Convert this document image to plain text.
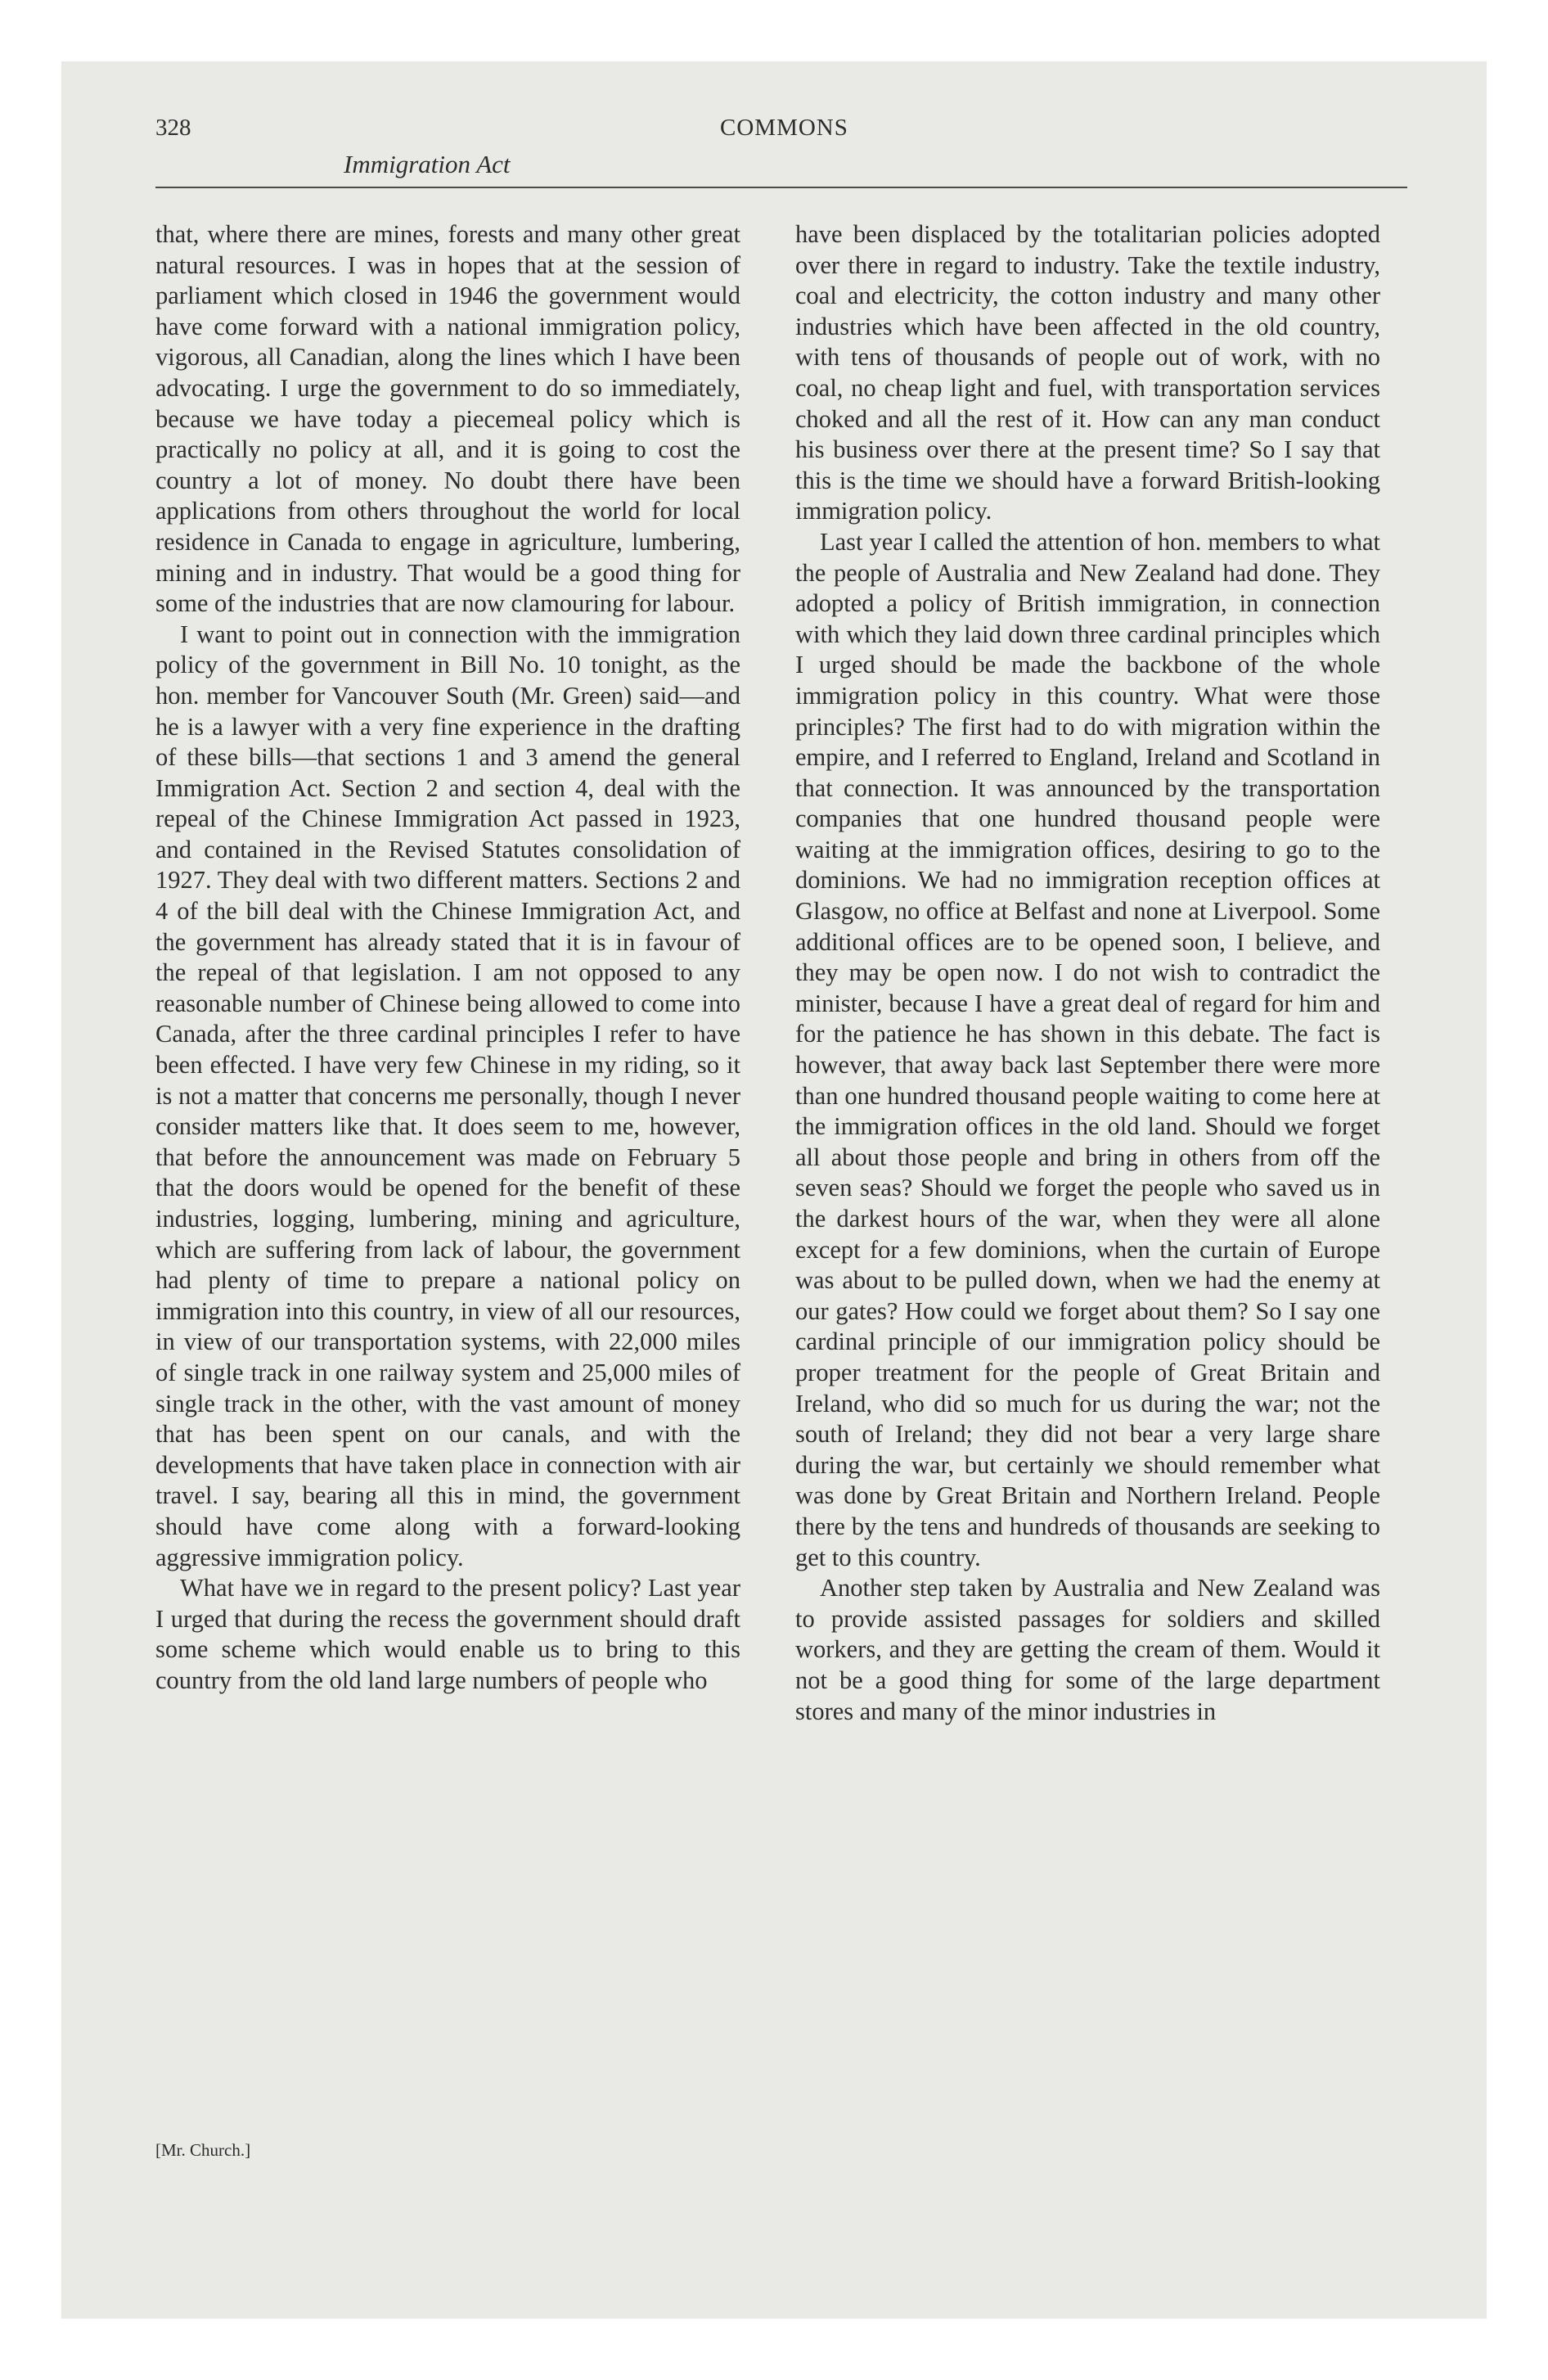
328	COMMONS
Immigration Act

that, where there are mines, forests and many other great natural resources. I was in hopes that at the session of parliament which closed in 1946 the government would have come forward with a national immigration policy, vigorous, all Canadian, along the lines which I have been advocating. I urge the government to do so immediately, because we have today a piecemeal policy which is practically no policy at all, and it is going to cost the country a lot of money. No doubt there have been applications from others throughout the world for local residence in Canada to engage in agriculture, lumbering, mining and in industry. That would be a good thing for some of the industries that are now clamouring for labour.

I want to point out in connection with the immigration policy of the government in Bill No. 10 tonight, as the hon. member for Vancouver South (Mr. Green) said—and he is a lawyer with a very fine experience in the drafting of these bills—that sections 1 and 3 amend the general Immigration Act. Section 2 and section 4, deal with the repeal of the Chinese Immigration Act passed in 1923, and contained in the Revised Statutes consolidation of 1927. They deal with two different matters. Sections 2 and 4 of the bill deal with the Chinese Immigration Act, and the government has already stated that it is in favour of the repeal of that legislation. I am not opposed to any reasonable number of Chinese being allowed to come into Canada, after the three cardinal principles I refer to have been effected. I have very few Chinese in my riding, so it is not a matter that concerns me personally, though I never consider matters like that. It does seem to me, however, that before the announcement was made on February 5 that the doors would be opened for the benefit of these industries, logging, lumbering, mining and agriculture, which are suffering from lack of labour, the government had plenty of time to prepare a national policy on immigration into this country, in view of all our resources, in view of our transportation systems, with 22,000 miles of single track in one railway system and 25,000 miles of single track in the other, with the vast amount of money that has been spent on our canals, and with the developments that have taken place in connection with air travel. I say, bearing all this in mind, the government should have come along with a forward-looking aggressive immigration policy.

What have we in regard to the present policy? Last year I urged that during the recess the government should draft some scheme which would enable us to bring to this country from the old land large numbers of people who

have been displaced by the totalitarian policies adopted over there in regard to industry. Take the textile industry, coal and electricity, the cotton industry and many other industries which have been affected in the old country, with tens of thousands of people out of work, with no coal, no cheap light and fuel, with transportation services choked and all the rest of it. How can any man conduct his business over there at the present time? So I say that this is the time we should have a forward British-looking immigration policy.

Last year I called the attention of hon. members to what the people of Australia and New Zealand had done. They adopted a policy of British immigration, in connection with which they laid down three cardinal principles which I urged should be made the backbone of the whole immigration policy in this country. What were those principles? The first had to do with migration within the empire, and I referred to England, Ireland and Scotland in that connection. It was announced by the transportation companies that one hundred thousand people were waiting at the immigration offices, desiring to go to the dominions. We had no immigration reception offices at Glasgow, no office at Belfast and none at Liverpool. Some additional offices are to be opened soon, I believe, and they may be open now. I do not wish to contradict the minister, because I have a great deal of regard for him and for the patience he has shown in this debate. The fact is however, that away back last September there were more than one hundred thousand people waiting to come here at the immigration offices in the old land. Should we forget all about those people and bring in others from off the seven seas? Should we forget the people who saved us in the darkest hours of the war, when they were all alone except for a few dominions, when the curtain of Europe was about to be pulled down, when we had the enemy at our gates? How could we forget about them? So I say one cardinal principle of our immigration policy should be proper treatment for the people of Great Britain and Ireland, who did so much for us during the war; not the south of Ireland; they did not bear a very large share during the war, but certainly we should remember what was done by Great Britain and Northern Ireland. People there by the tens and hundreds of thousands are seeking to get to this country.

Another step taken by Australia and New Zealand was to provide assisted passages for soldiers and skilled workers, and they are getting the cream of them. Would it not be a good thing for some of the large department stores and many of the minor industries in

[Mr. Church.]
